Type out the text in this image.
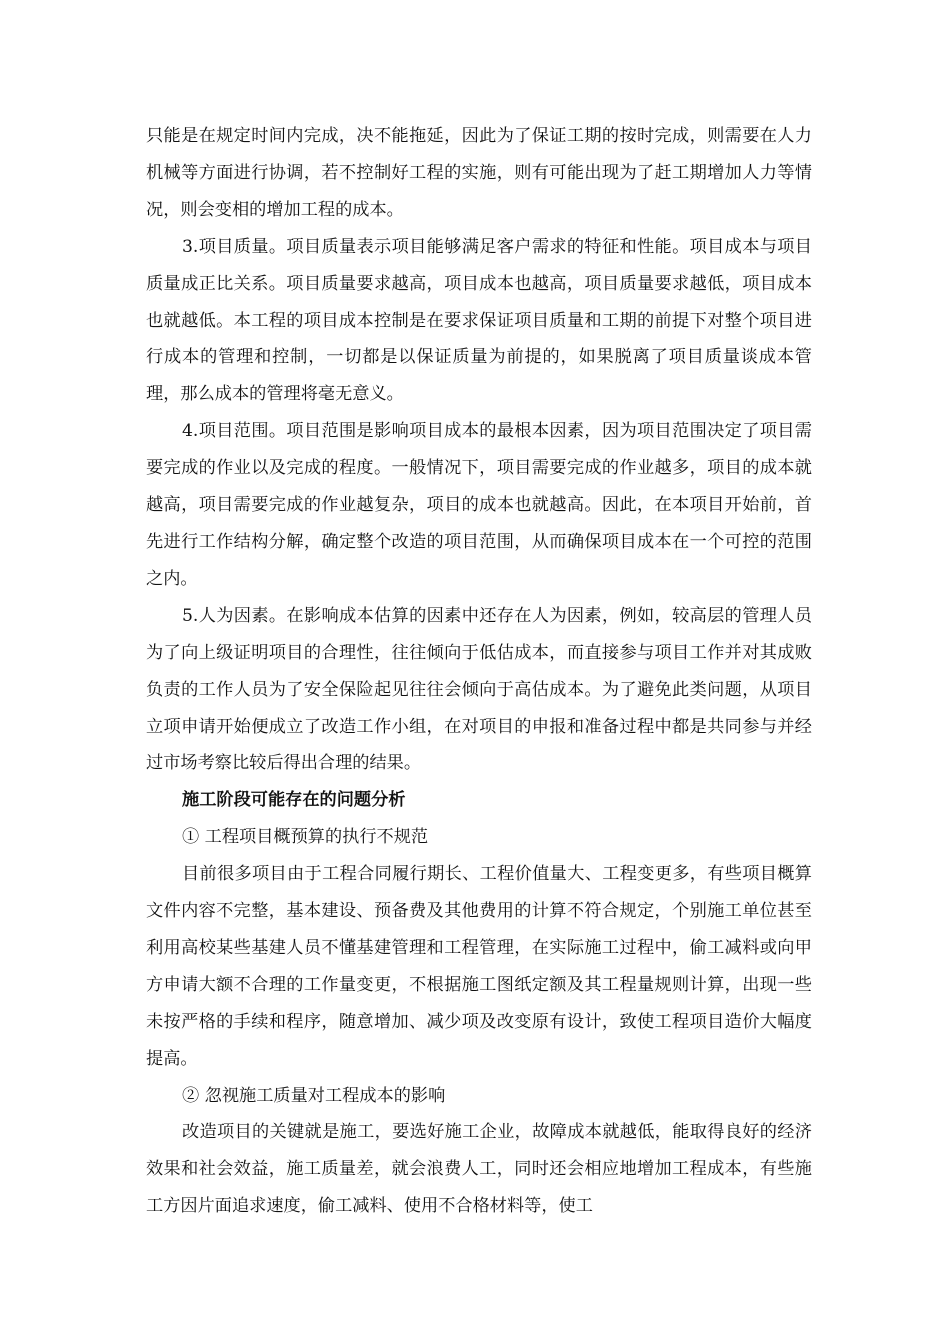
只能是在规定时间内完成，决不能拖延，因此为了保证工期的按时完成，则需要在人力机械等方面进行协调，若不控制好工程的实施，则有可能出现为了赶工期增加人力等情况，则会变相的增加工程的成本。

3.项目质量。项目质量表示项目能够满足客户需求的特征和性能。项目成本与项目质量成正比关系。项目质量要求越高，项目成本也越高，项目质量要求越低，项目成本也就越低。本工程的项目成本控制是在要求保证项目质量和工期的前提下对整个项目进行成本的管理和控制，一切都是以保证质量为前提的，如果脱离了项目质量谈成本管理，那么成本的管理将毫无意义。

4.项目范围。项目范围是影响项目成本的最根本因素，因为项目范围决定了项目需要完成的作业以及完成的程度。一般情况下，项目需要完成的作业越多，项目的成本就越高，项目需要完成的作业越复杂，项目的成本也就越高。因此，在本项目开始前，首先进行工作结构分解，确定整个改造的项目范围，从而确保项目成本在一个可控的范围之内。

5.人为因素。在影响成本估算的因素中还存在人为因素，例如，较高层的管理人员为了向上级证明项目的合理性，往往倾向于低估成本，而直接参与项目工作并对其成败负责的工作人员为了安全保险起见往往会倾向于高估成本。为了避免此类问题，从项目立项申请开始便成立了改造工作小组，在对项目的申报和准备过程中都是共同参与并经过市场考察比较后得出合理的结果。

施工阶段可能存在的问题分析

① 工程项目概预算的执行不规范

目前很多项目由于工程合同履行期长、工程价值量大、工程变更多，有些项目概算文件内容不完整，基本建设、预备费及其他费用的计算不符合规定，个别施工单位甚至利用高校某些基建人员不懂基建管理和工程管理，在实际施工过程中，偷工减料或向甲方申请大额不合理的工作量变更，不根据施工图纸定额及其工程量规则计算，出现一些未按严格的手续和程序，随意增加、减少项及改变原有设计，致使工程项目造价大幅度提高。

② 忽视施工质量对工程成本的影响

改造项目的关键就是施工，要选好施工企业，故障成本就越低，能取得良好的经济效果和社会效益，施工质量差，就会浪费人工，同时还会相应地增加工程成本，有些施工方因片面追求速度，偷工减料、使用不合格材料等，使工
